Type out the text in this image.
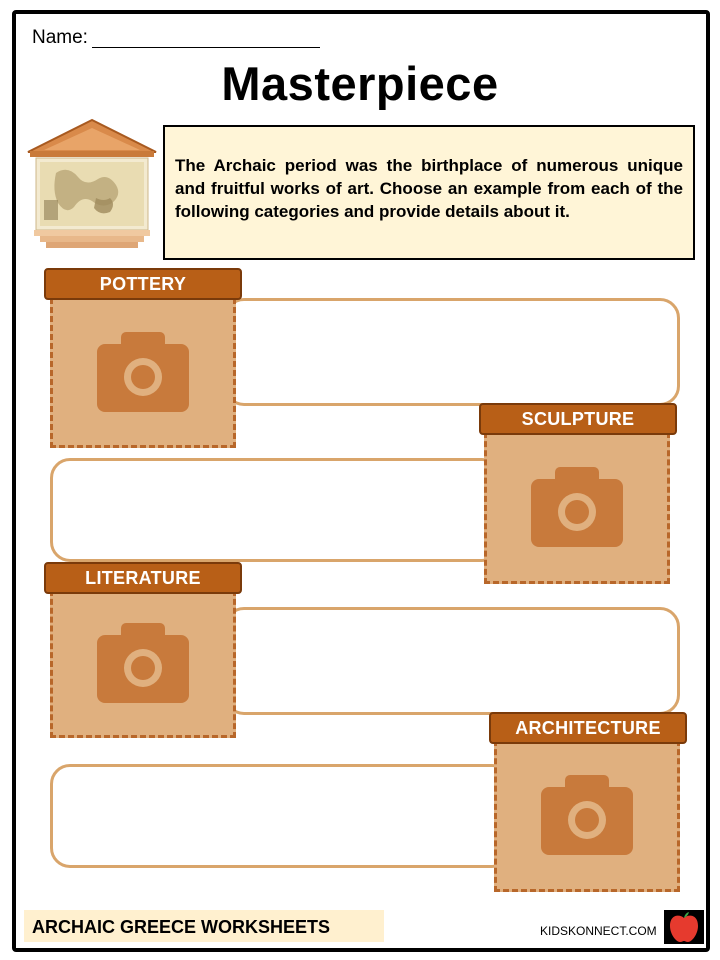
Name:
Masterpiece
The Archaic period was the birthplace of numerous unique and fruitful works of art. Choose an example from each of the following categories and provide details about it.
POTTERY
SCULPTURE
LITERATURE
ARCHITECTURE
ARCHAIC GREECE WORKSHEETS	KIDSKONNECT.COM
